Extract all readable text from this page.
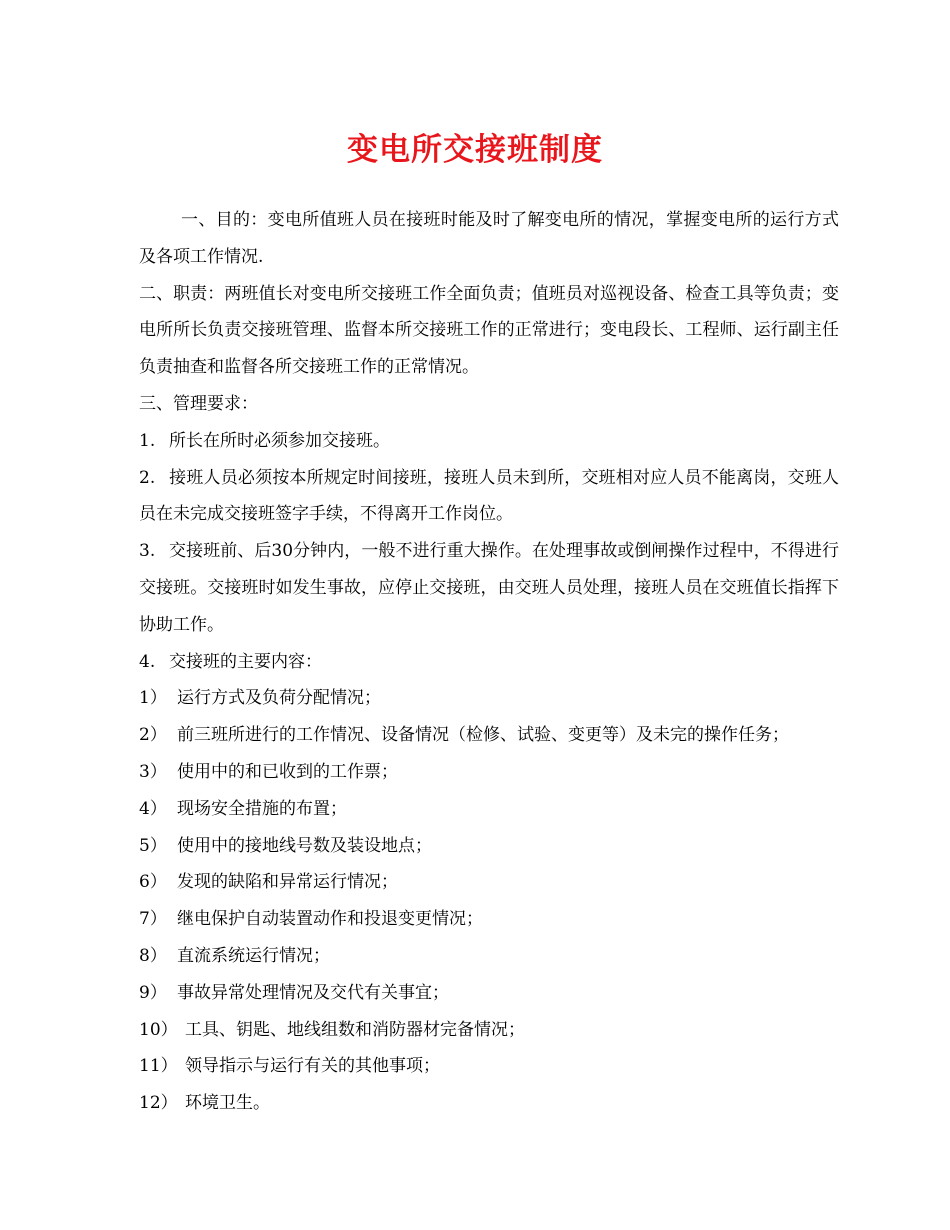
变电所交接班制度

一、目的：变电所值班人员在接班时能及时了解变电所的情况，掌握变电所的运行方式及各项工作情况.

二、职责：两班值长对变电所交接班工作全面负责；值班员对巡视设备、检查工具等负责；变电所所长负责交接班管理、监督本所交接班工作的正常进行；变电段长、工程师、运行副主任负责抽查和监督各所交接班工作的正常情况。

三、管理要求：

1. 所长在所时必须参加交接班。

2. 接班人员必须按本所规定时间接班，接班人员未到所，交班相对应人员不能离岗，交班人员在未完成交接班签字手续，不得离开工作岗位。

3. 交接班前、后30分钟内，一般不进行重大操作。在处理事故或倒闸操作过程中，不得进行交接班。交接班时如发生事故，应停止交接班，由交班人员处理，接班人员在交班值长指挥下协助工作。

4. 交接班的主要内容：

1） 运行方式及负荷分配情况；

2） 前三班所进行的工作情况、设备情况（检修、试验、变更等）及未完的操作任务；

3） 使用中的和已收到的工作票；

4） 现场安全措施的布置；

5） 使用中的接地线号数及装设地点；

6） 发现的缺陷和异常运行情况；

7） 继电保护自动装置动作和投退变更情况；

8） 直流系统运行情况；

9） 事故异常处理情况及交代有关事宜；

10） 工具、钥匙、地线组数和消防器材完备情况；

11） 领导指示与运行有关的其他事项；

12） 环境卫生。
